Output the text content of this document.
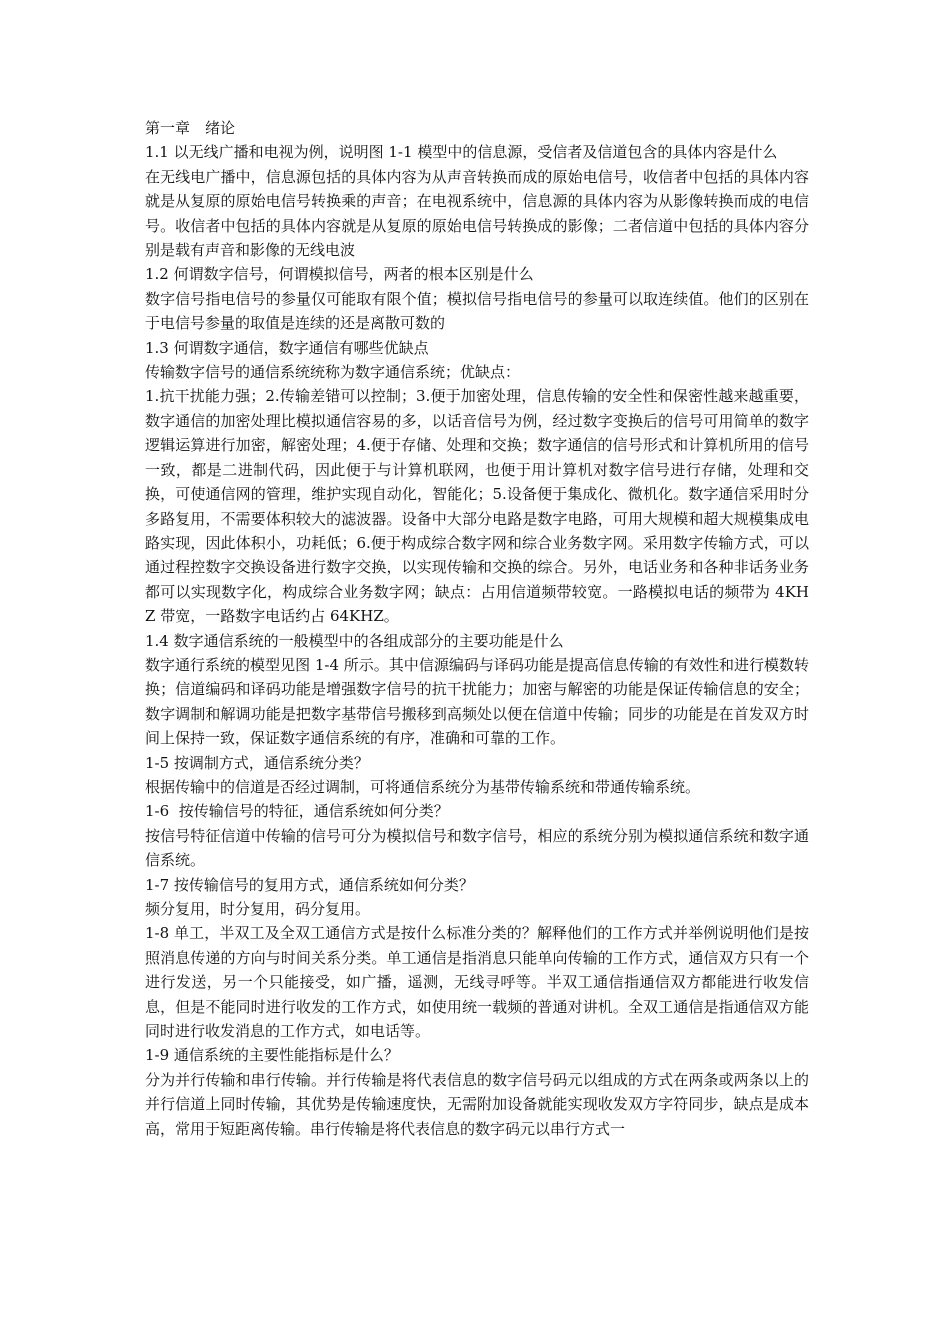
第一章　绪论

1.1 以无线广播和电视为例，说明图 1-1 模型中的信息源，受信者及信道包含的具体内容是什么

在无线电广播中，信息源包括的具体内容为从声音转换而成的原始电信号，收信者中包括的具体内容就是从复原的原始电信号转换乘的声音；在电视系统中，信息源的具体内容为从影像转换而成的电信号。收信者中包括的具体内容就是从复原的原始电信号转换成的影像；二者信道中包括的具体内容分别是载有声音和影像的无线电波

1.2 何谓数字信号，何谓模拟信号，两者的根本区别是什么

数字信号指电信号的参量仅可能取有限个值；模拟信号指电信号的参量可以取连续值。他们的区别在于电信号参量的取值是连续的还是离散可数的

1.3 何谓数字通信，数字通信有哪些优缺点

传输数字信号的通信系统统称为数字通信系统；优缺点：

1.抗干扰能力强；2.传输差错可以控制；3.便于加密处理，信息传输的安全性和保密性越来越重要，数字通信的加密处理比模拟通信容易的多，以话音信号为例，经过数字变换后的信号可用简单的数字逻辑运算进行加密，解密处理；4.便于存储、处理和交换；数字通信的信号形式和计算机所用的信号一致，都是二进制代码，因此便于与计算机联网，也便于用计算机对数字信号进行存储，处理和交换，可使通信网的管理，维护实现自动化，智能化；5.设备便于集成化、微机化。数字通信采用时分多路复用，不需要体积较大的滤波器。设备中大部分电路是数字电路，可用大规模和超大规模集成电路实现，因此体积小，功耗低；6.便于构成综合数字网和综合业务数字网。采用数字传输方式，可以通过程控数字交换设备进行数字交换，以实现传输和交换的综合。另外，电话业务和各种非话务业务都可以实现数字化，构成综合业务数字网；缺点：占用信道频带较宽。一路模拟电话的频带为 4KHZ 带宽，一路数字电话约占 64KHZ。

1.4 数字通信系统的一般模型中的各组成部分的主要功能是什么

数字通行系统的模型见图 1-4 所示。其中信源编码与译码功能是提高信息传输的有效性和进行模数转换；信道编码和译码功能是增强数字信号的抗干扰能力；加密与解密的功能是保证传输信息的安全；数字调制和解调功能是把数字基带信号搬移到高频处以便在信道中传输；同步的功能是在首发双方时间上保持一致，保证数字通信系统的有序，准确和可靠的工作。

1-5 按调制方式，通信系统分类？

根据传输中的信道是否经过调制，可将通信系统分为基带传输系统和带通传输系统。

1-6  按传输信号的特征，通信系统如何分类？

按信号特征信道中传输的信号可分为模拟信号和数字信号，相应的系统分别为模拟通信系统和数字通信系统。

1-7 按传输信号的复用方式，通信系统如何分类？

频分复用，时分复用，码分复用。

1-8 单工，半双工及全双工通信方式是按什么标准分类的？解释他们的工作方式并举例说明他们是按照消息传递的方向与时间关系分类。单工通信是指消息只能单向传输的工作方式，通信双方只有一个进行发送，另一个只能接受，如广播，遥测，无线寻呼等。半双工通信指通信双方都能进行收发信息，但是不能同时进行收发的工作方式，如使用统一载频的普通对讲机。全双工通信是指通信双方能同时进行收发消息的工作方式，如电话等。

1-9 通信系统的主要性能指标是什么？

分为并行传输和串行传输。并行传输是将代表信息的数字信号码元以组成的方式在两条或两条以上的并行信道上同时传输，其优势是传输速度快，无需附加设备就能实现收发双方字符同步，缺点是成本高，常用于短距离传输。串行传输是将代表信息的数字码元以串行方式一
